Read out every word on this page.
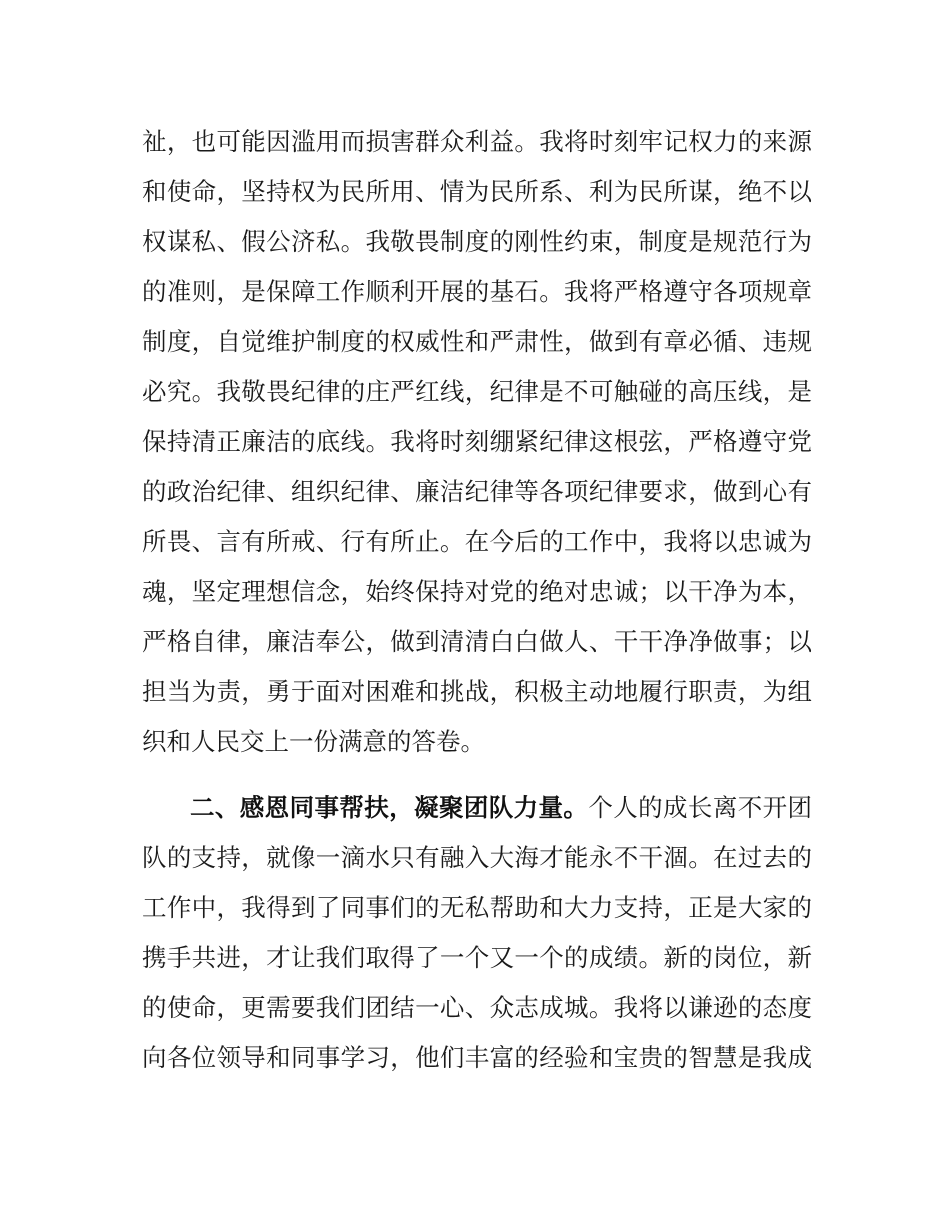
祉，也可能因滥用而损害群众利益。我将时刻牢记权力的来源
和使命，坚持权为民所用、情为民所系、利为民所谋，绝不以
权谋私、假公济私。我敬畏制度的刚性约束，制度是规范行为
的准则，是保障工作顺利开展的基石。我将严格遵守各项规章
制度，自觉维护制度的权威性和严肃性，做到有章必循、违规
必究。我敬畏纪律的庄严红线，纪律是不可触碰的高压线，是
保持清正廉洁的底线。我将时刻绷紧纪律这根弦，严格遵守党
的政治纪律、组织纪律、廉洁纪律等各项纪律要求，做到心有
所畏、言有所戒、行有所止。在今后的工作中，我将以忠诚为
魂，坚定理想信念，始终保持对党的绝对忠诚；以干净为本，
严格自律，廉洁奉公，做到清清白白做人、干干净净做事；以
担当为责，勇于面对困难和挑战，积极主动地履行职责，为组
织和人民交上一份满意的答卷。
二、感恩同事帮扶，凝聚团队力量。个人的成长离不开团
队的支持，就像一滴水只有融入大海才能永不干涸。在过去的
工作中，我得到了同事们的无私帮助和大力支持，正是大家的
携手共进，才让我们取得了一个又一个的成绩。新的岗位，新
的使命，更需要我们团结一心、众志成城。我将以谦逊的态度
向各位领导和同事学习，他们丰富的经验和宝贵的智慧是我成
